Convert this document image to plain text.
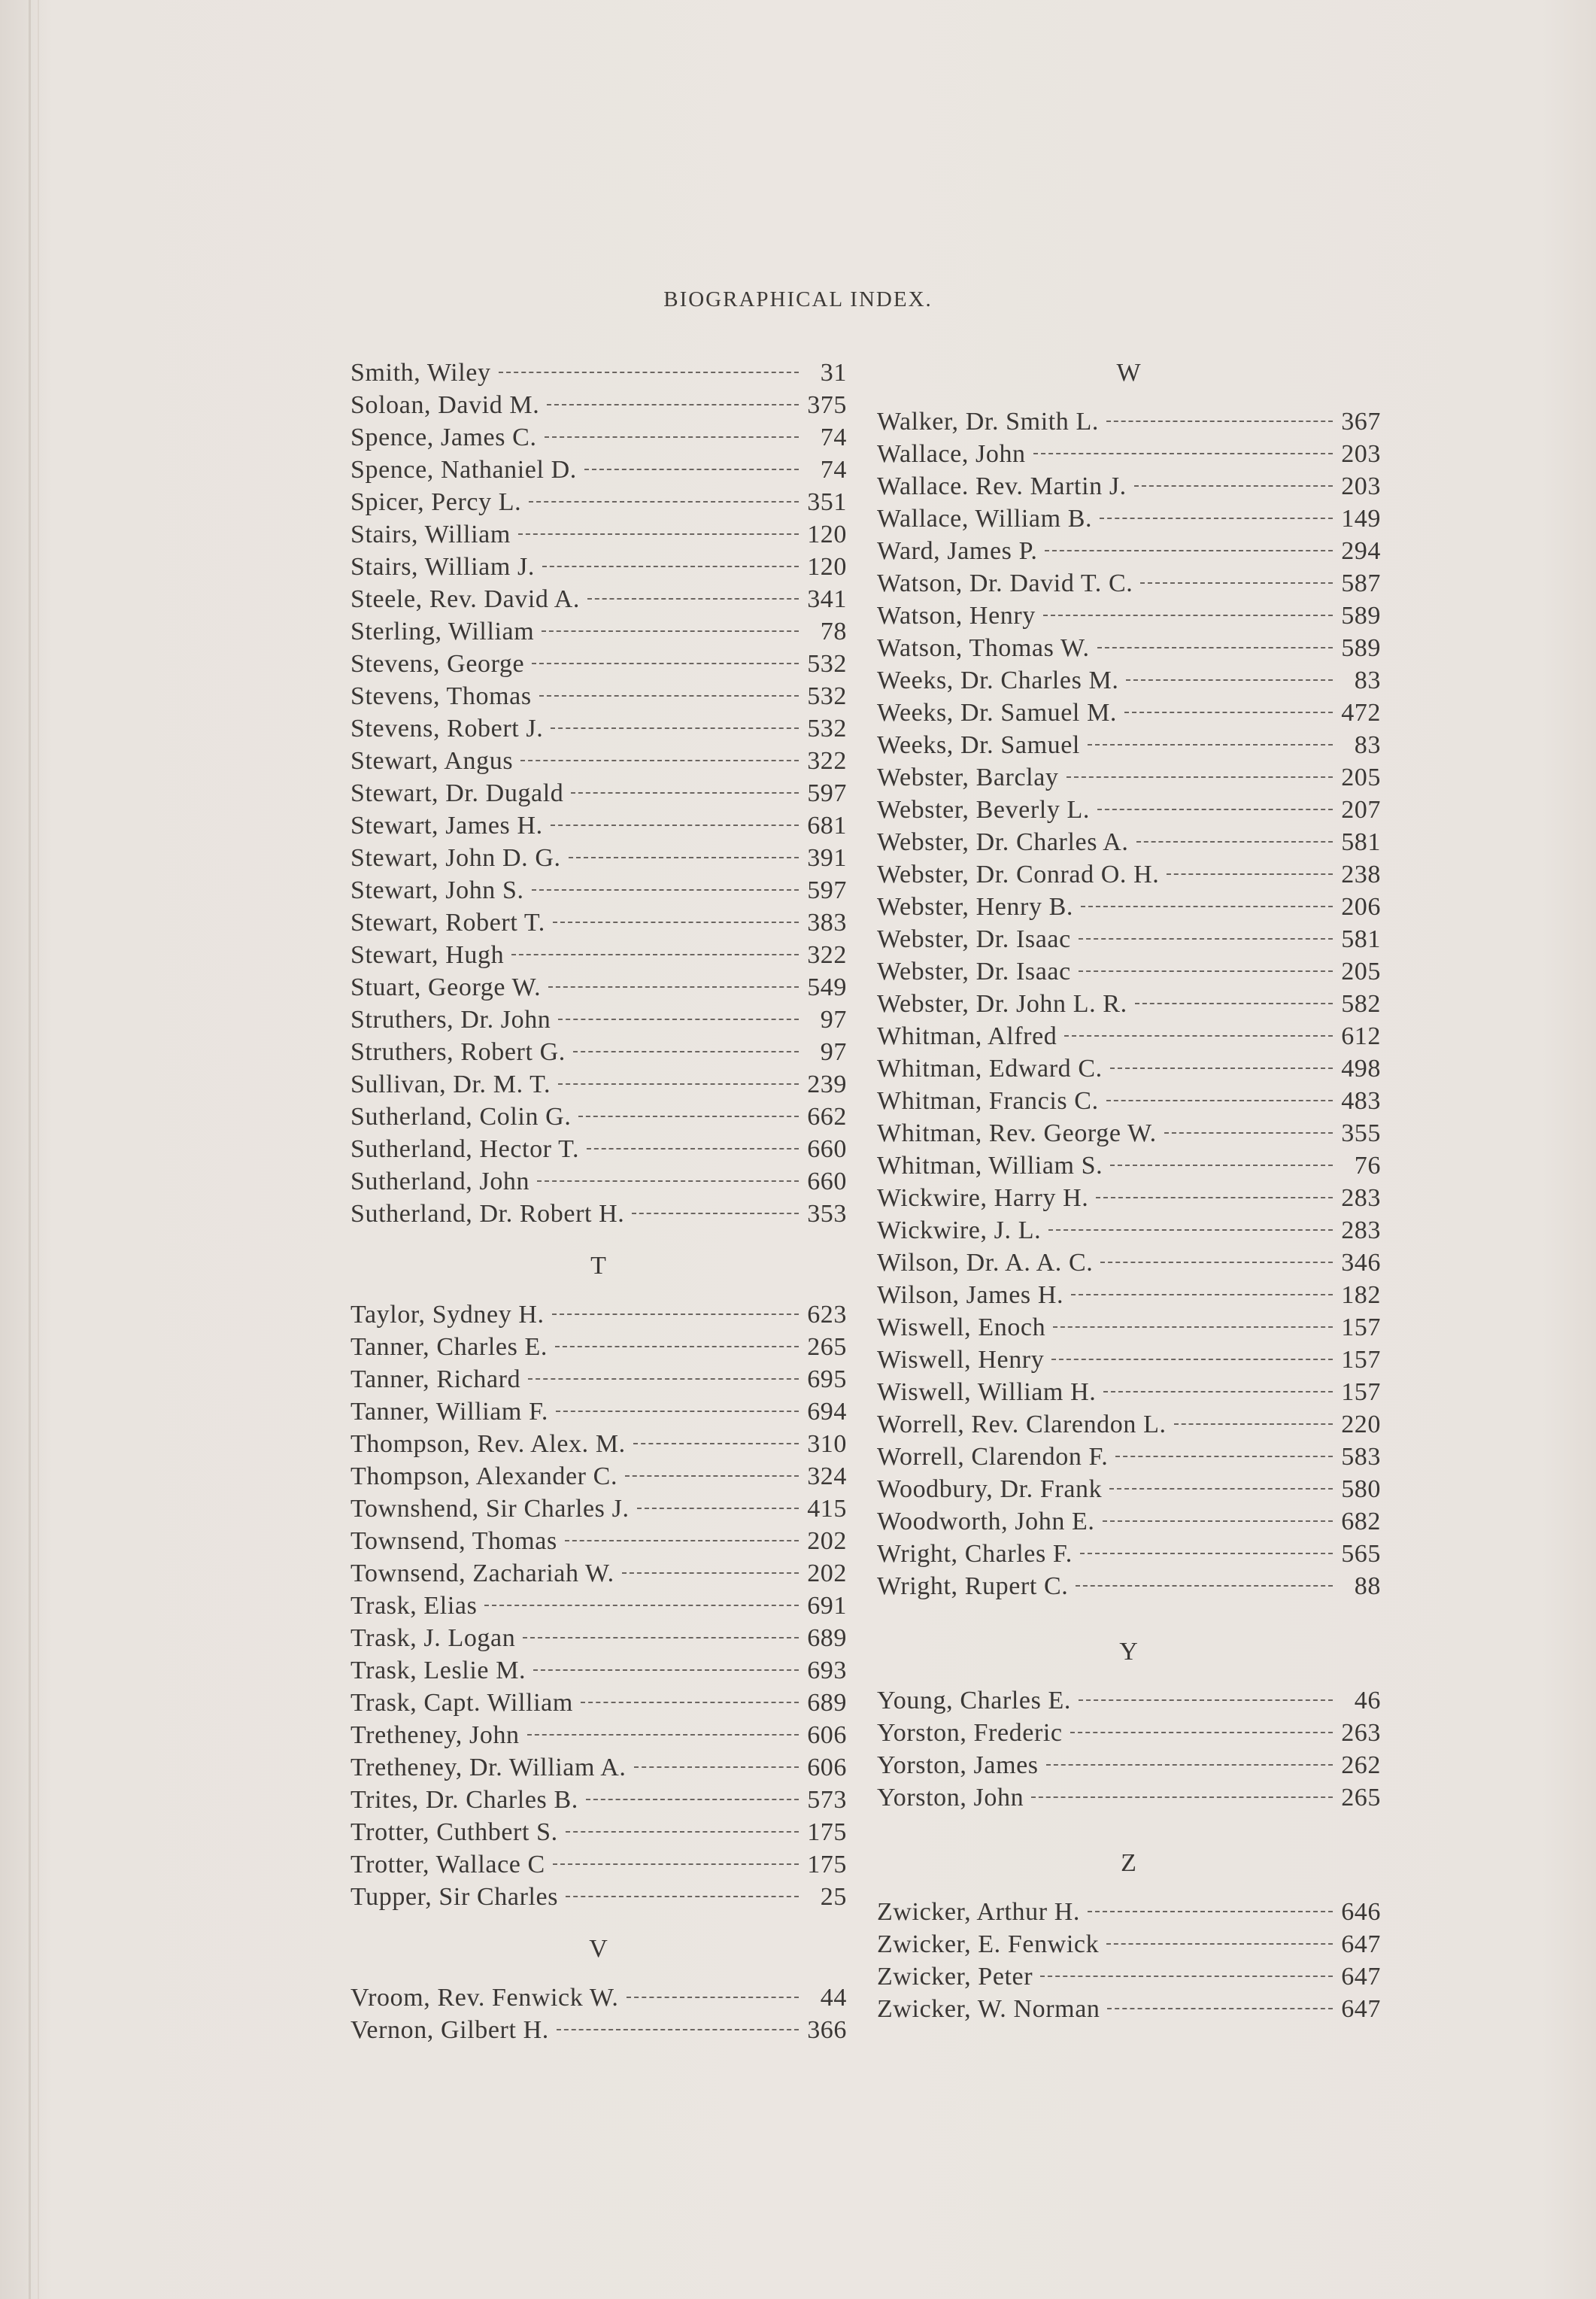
BIOGRAPHICAL INDEX.
Smith, Wiley	31
Soloan, David M.	375
Spence, James C.	74
Spence, Nathaniel D.	74
Spicer, Percy L.	351
Stairs, William	120
Stairs, William J.	120
Steele, Rev. David A.	341
Sterling, William	78
Stevens, George	532
Stevens, Thomas	532
Stevens, Robert J.	532
Stewart, Angus	322
Stewart, Dr. Dugald	597
Stewart, James H.	681
Stewart, John D. G.	391
Stewart, John S.	597
Stewart, Robert T.	383
Stewart, Hugh	322
Stuart, George W.	549
Struthers, Dr. John	97
Struthers, Robert G.	97
Sullivan, Dr. M. T.	239
Sutherland, Colin G.	662
Sutherland, Hector T.	660
Sutherland, John	660
Sutherland, Dr. Robert H.	353
T
Taylor, Sydney H.	623
Tanner, Charles E.	265
Tanner, Richard	695
Tanner, William F.	694
Thompson, Rev. Alex. M.	310
Thompson, Alexander C.	324
Townshend, Sir Charles J.	415
Townsend, Thomas	202
Townsend, Zachariah W.	202
Trask, Elias	691
Trask, J. Logan	689
Trask, Leslie M.	693
Trask, Capt. William	689
Tretheney, John	606
Tretheney, Dr. William A.	606
Trites, Dr. Charles B.	573
Trotter, Cuthbert S.	175
Trotter, Wallace C	175
Tupper, Sir Charles	25
V
Vroom, Rev. Fenwick W.	44
Vernon, Gilbert H.	366
W
Walker, Dr. Smith L.	367
Wallace, John	203
Wallace. Rev. Martin J.	203
Wallace, William B.	149
Ward, James P.	294
Watson, Dr. David T. C.	587
Watson, Henry	589
Watson, Thomas W.	589
Weeks, Dr. Charles M.	83
Weeks, Dr. Samuel M.	472
Weeks, Dr. Samuel	83
Webster, Barclay	205
Webster, Beverly L.	207
Webster, Dr. Charles A.	581
Webster, Dr. Conrad O. H.	238
Webster, Henry B.	206
Webster, Dr. Isaac	581
Webster, Dr. Isaac	205
Webster, Dr. John L. R.	582
Whitman, Alfred	612
Whitman, Edward C.	498
Whitman, Francis C.	483
Whitman, Rev. George W.	355
Whitman, William S.	76
Wickwire, Harry H.	283
Wickwire, J. L.	283
Wilson, Dr. A. A. C.	346
Wilson, James H.	182
Wiswell, Enoch	157
Wiswell, Henry	157
Wiswell, William H.	157
Worrell, Rev. Clarendon L.	220
Worrell, Clarendon F.	583
Woodbury, Dr. Frank	580
Woodworth, John E.	682
Wright, Charles F.	565
Wright, Rupert C.	88
Y
Young, Charles E.	46
Yorston, Frederic	263
Yorston, James	262
Yorston, John	265
Z
Zwicker, Arthur H.	646
Zwicker, E. Fenwick	647
Zwicker, Peter	647
Zwicker, W. Norman	647
